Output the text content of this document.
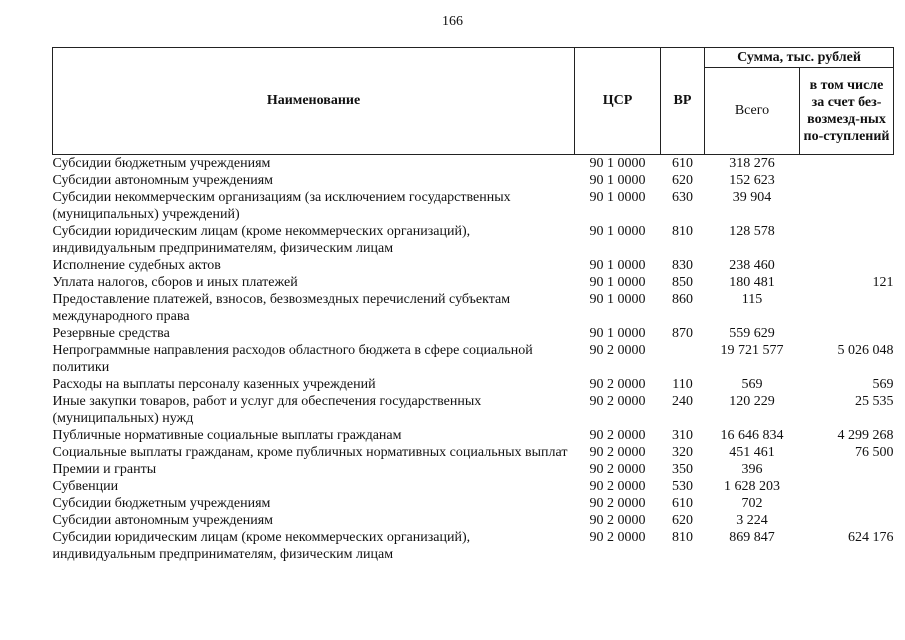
166
Наименование	ЦСР	ВР	Сумма, тыс. рублей	
			Всего	в том числе за счет без-возмезд-ных по-ступлений
Субсидии бюджетным учреждениям	90 1 0000	610	318 276	
Субсидии автономным учреждениям	90 1 0000	620	152 623	
Субсидии некоммерческим организациям (за исключением государственных (муниципальных) учреждений)	90 1 0000	630	39 904	
Субсидии юридическим лицам (кроме некоммерческих организаций), индивидуальным предпринимателям, физическим лицам	90 1 0000	810	128 578	
Исполнение судебных актов	90 1 0000	830	238 460	
Уплата налогов, сборов и иных платежей	90 1 0000	850	180 481	121
Предоставление платежей, взносов, безвозмездных перечислений субъектам международного права	90 1 0000	860	115	
Резервные средства	90 1 0000	870	559 629	
Непрограммные направления расходов областного бюджета в сфере социальной политики	90 2 0000		19 721 577	5 026 048
Расходы на выплаты персоналу казенных учреждений	90 2 0000	110	569	569
Иные закупки товаров, работ и услуг для обеспечения государственных (муниципальных) нужд	90 2 0000	240	120 229	25 535
Публичные нормативные социальные выплаты гражданам	90 2 0000	310	16 646 834	4 299 268
Социальные выплаты гражданам, кроме публичных нормативных социальных выплат	90 2 0000	320	451 461	76 500
Премии и гранты	90 2 0000	350	396	
Субвенции	90 2 0000	530	1 628 203	
Субсидии бюджетным учреждениям	90 2 0000	610	702	
Субсидии автономным учреждениям	90 2 0000	620	3 224	
Субсидии юридическим лицам (кроме некоммерческих организаций), индивидуальным предпринимателям, физическим лицам	90 2 0000	810	869 847	624 176
